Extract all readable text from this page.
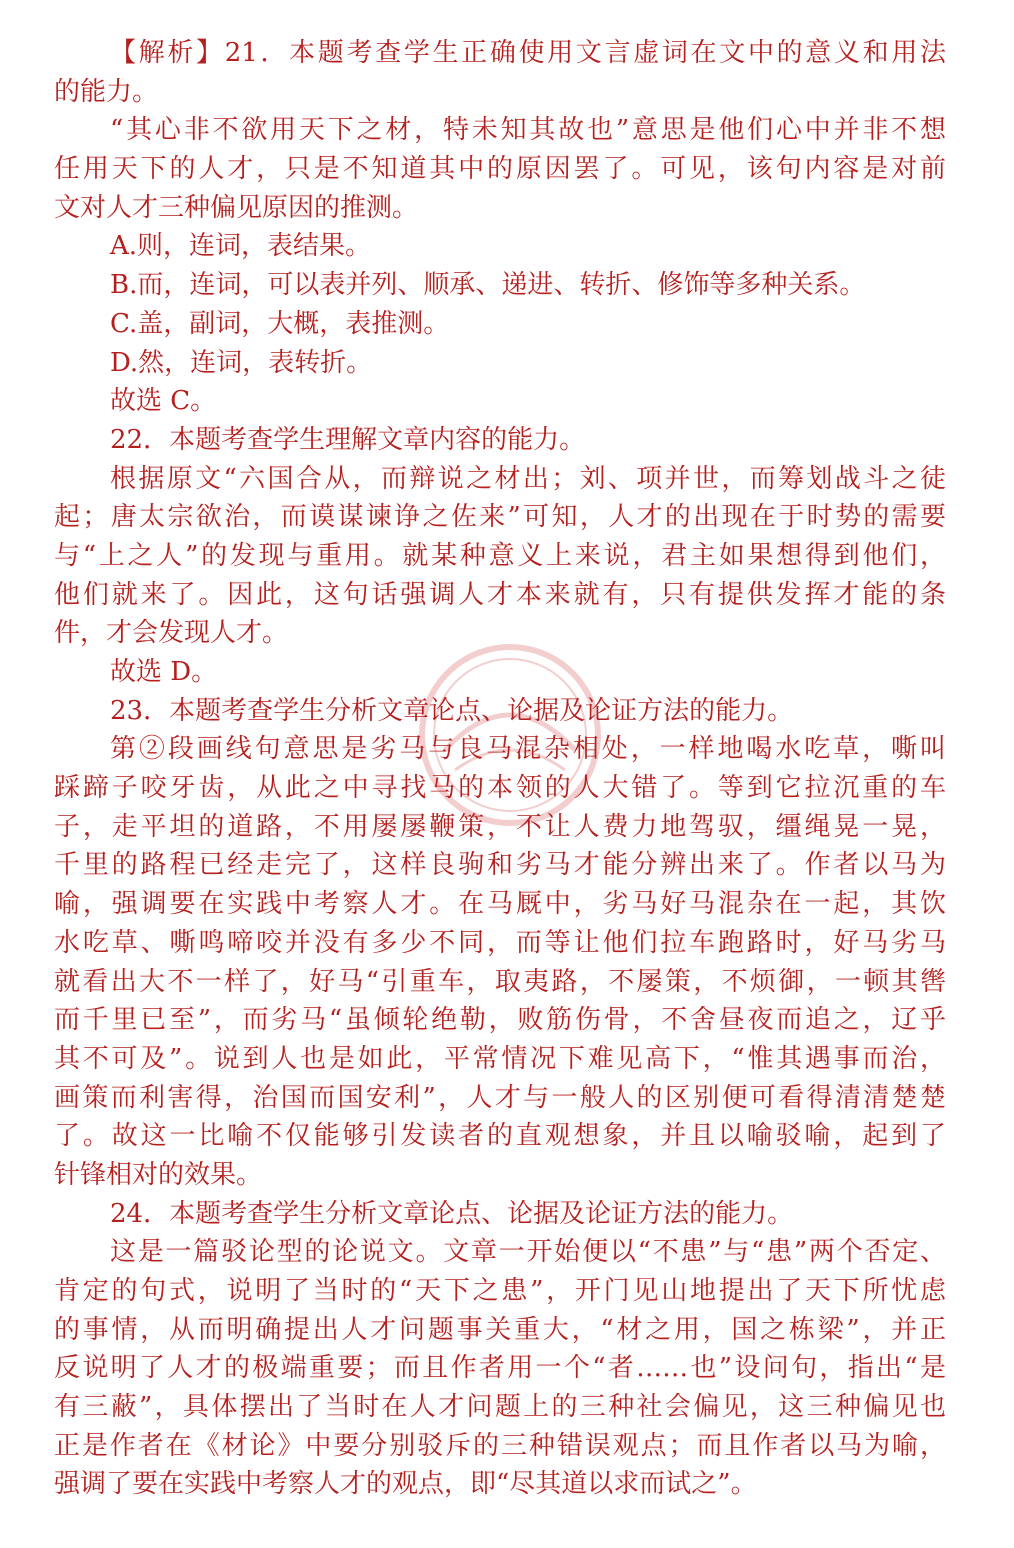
【解析】21．本题考查学生正确使用文言虚词在文中的意义和用法
的能力。
“其心非不欲用天下之材，特未知其故也”意思是他们心中并非不想
任用天下的人才，只是不知道其中的原因罢了。可见，该句内容是对前
文对人才三种偏见原因的推测。
A.则，连词，表结果。
B.而，连词，可以表并列、顺承、递进、转折、修饰等多种关系。
C.盖，副词，大概，表推测。
D.然，连词，表转折。
故选 C。
22．本题考查学生理解文章内容的能力。
根据原文“六国合从，而辩说之材出；刘、项并世，而筹划战斗之徒
起；唐太宗欲治，而谟谋谏诤之佐来”可知，人才的出现在于时势的需要
与“上之人”的发现与重用。就某种意义上来说，君主如果想得到他们，
他们就来了。因此，这句话强调人才本来就有，只有提供发挥才能的条
件，才会发现人才。
故选 D。
23．本题考查学生分析文章论点、论据及论证方法的能力。
第②段画线句意思是劣马与良马混杂相处，一样地喝水吃草，嘶叫
踩蹄子咬牙齿，从此之中寻找马的本领的人大错了。等到它拉沉重的车
子，走平坦的道路，不用屡屡鞭策，不让人费力地驾驭，缰绳晃一晃，
千里的路程已经走完了，这样良驹和劣马才能分辨出来了。作者以马为
喻，强调要在实践中考察人才。在马厩中，劣马好马混杂在一起，其饮
水吃草、嘶鸣啼咬并没有多少不同，而等让他们拉车跑路时，好马劣马
就看出大不一样了，好马“引重车，取夷路，不屡策，不烦御，一顿其辔
而千里已至”，而劣马“虽倾轮绝勒，败筋伤骨，不舍昼夜而追之，辽乎
其不可及”。说到人也是如此，平常情况下难见高下，“惟其遇事而治，
画策而利害得，治国而国安利”，人才与一般人的区别便可看得清清楚楚
了。故这一比喻不仅能够引发读者的直观想象，并且以喻驳喻，起到了
针锋相对的效果。
24．本题考查学生分析文章论点、论据及论证方法的能力。
这是一篇驳论型的论说文。文章一开始便以“不患”与“患”两个否定、
肯定的句式，说明了当时的“天下之患”，开门见山地提出了天下所忧虑
的事情，从而明确提出人才问题事关重大，“材之用，国之栋梁”，并正
反说明了人才的极端重要；而且作者用一个“者……也”设问句，指出“是
有三蔽”，具体摆出了当时在人才问题上的三种社会偏见，这三种偏见也
正是作者在《材论》中要分别驳斥的三种错误观点；而且作者以马为喻，
强调了要在实践中考察人才的观点，即“尽其道以求而试之”。
